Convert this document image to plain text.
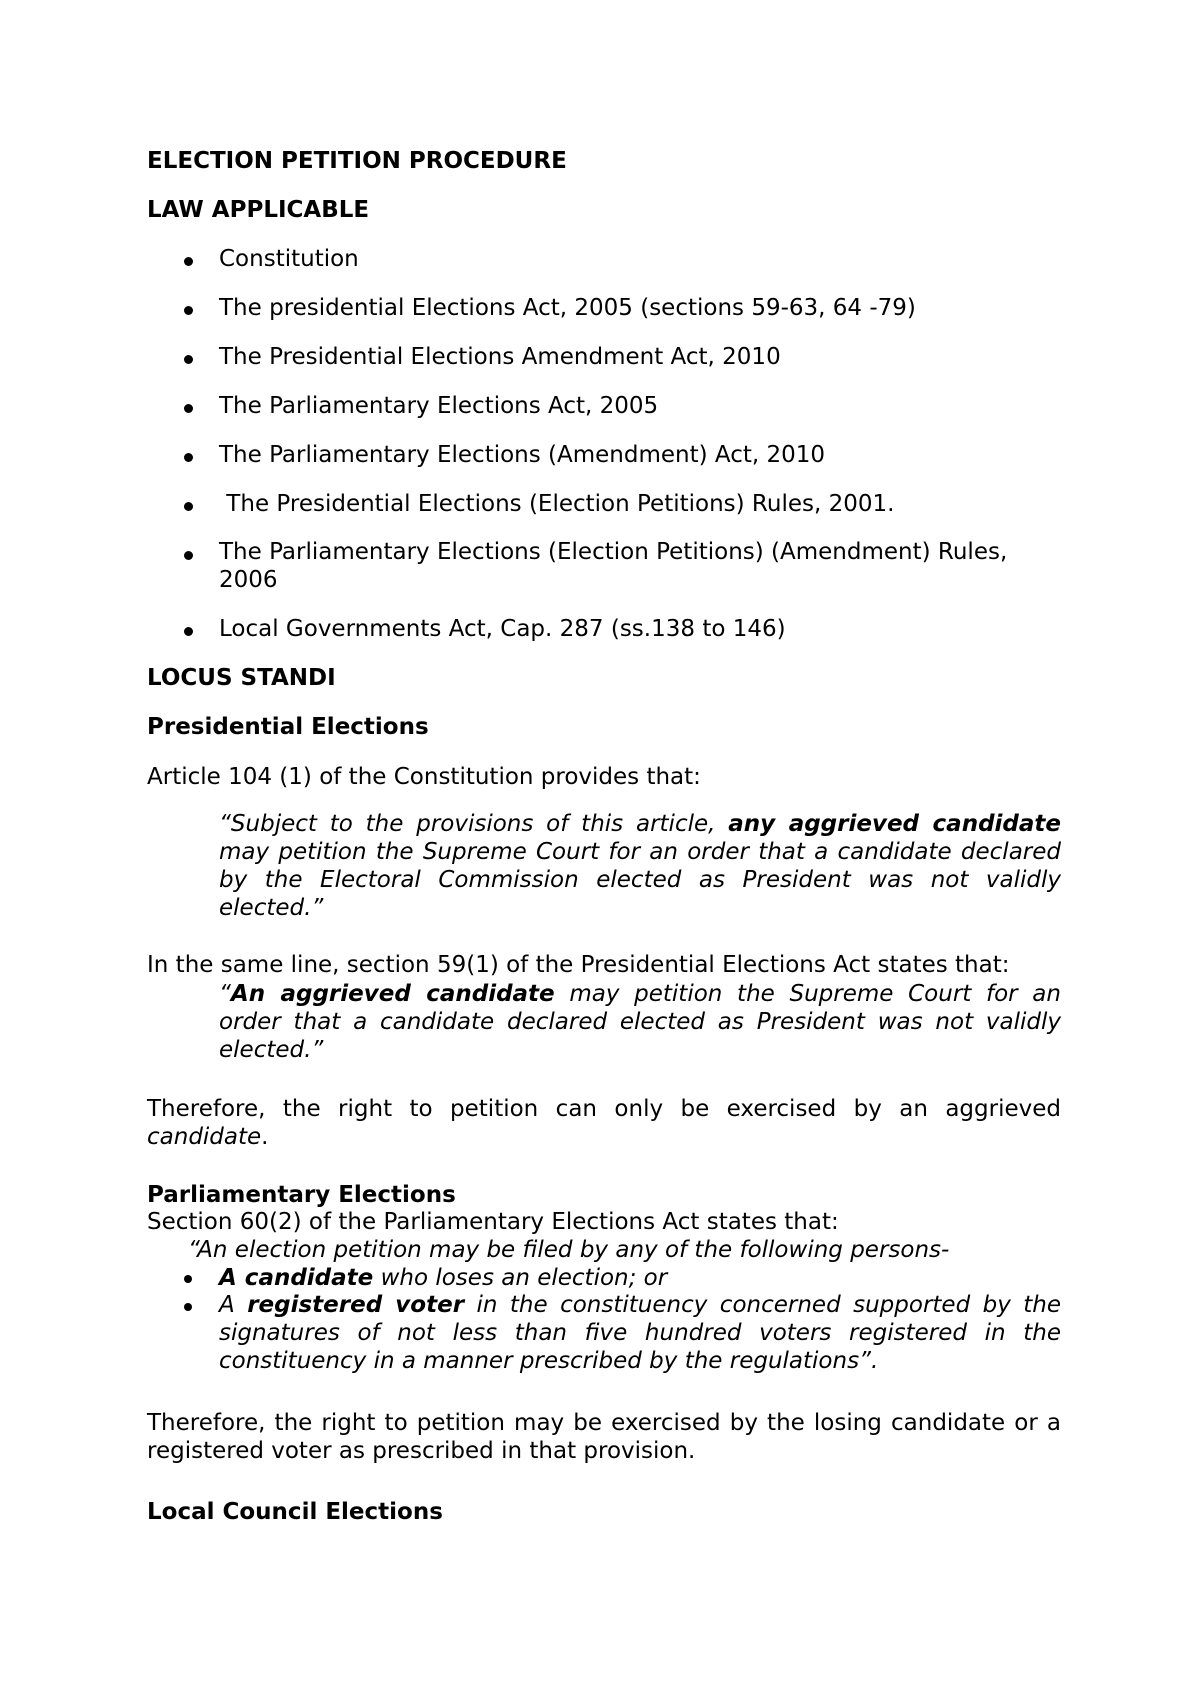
ELECTION PETITION PROCEDURE
LAW APPLICABLE
Constitution
The presidential Elections Act, 2005 (sections 59-63, 64 -79)
The Presidential Elections Amendment Act, 2010
The Parliamentary Elections Act, 2005
The Parliamentary Elections (Amendment) Act, 2010
The Presidential Elections (Election Petitions) Rules, 2001.
The Parliamentary Elections (Election Petitions) (Amendment) Rules, 2006
Local Governments Act, Cap. 287 (ss.138 to 146)
LOCUS STANDI
Presidential Elections
Article 104 (1) of the Constitution provides that:
“Subject to the provisions of this article, any aggrieved candidate may petition the Supreme Court for an order that a candidate declared by the Electoral Commission elected as President was not validly elected.”
In the same line, section 59(1) of the Presidential Elections Act states that:
“An aggrieved candidate may petition the Supreme Court for an order that a candidate declared elected as President was not validly elected.”
Therefore, the right to petition can only be exercised by an aggrieved candidate.
Parliamentary Elections
Section 60(2) of the Parliamentary Elections Act states that:
“An election petition may be filed by any of the following persons-
A candidate who loses an election; or
A registered voter in the constituency concerned supported by the signatures of not less than five hundred voters registered in the constituency in a manner prescribed by the regulations”.
Therefore, the right to petition may be exercised by the losing candidate or a registered voter as prescribed in that provision.
Local Council Elections
